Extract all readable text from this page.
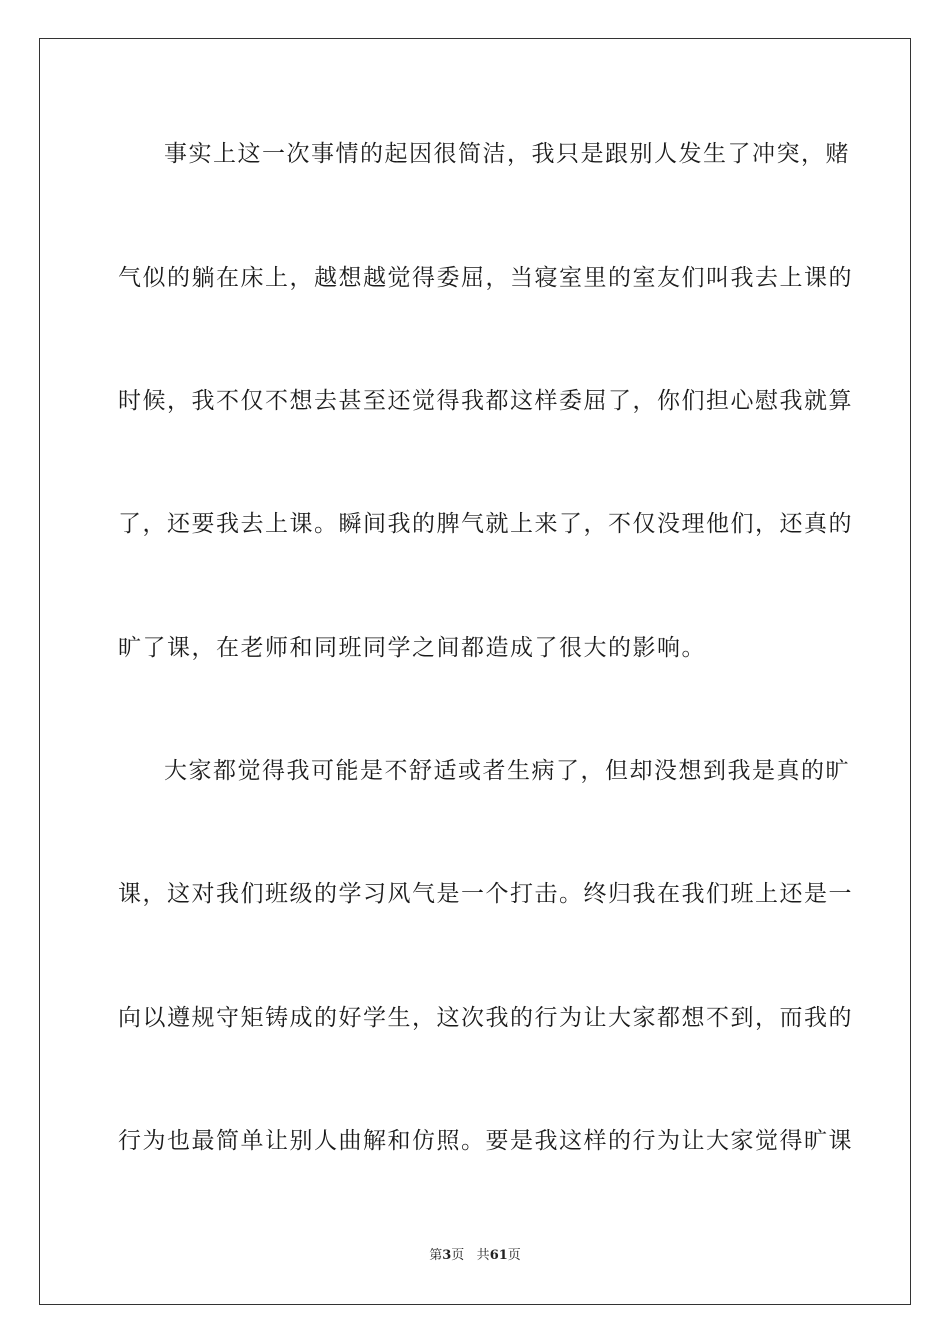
事实上这一次事情的起因很简洁，我只是跟别人发生了冲突，赌
气似的躺在床上，越想越觉得委屈，当寝室里的室友们叫我去上课的
时候，我不仅不想去甚至还觉得我都这样委屈了，你们担心慰我就算
了，还要我去上课。瞬间我的脾气就上来了，不仅没理他们，还真的
旷了课，在老师和同班同学之间都造成了很大的影响。
大家都觉得我可能是不舒适或者生病了，但却没想到我是真的旷
课，这对我们班级的学习风气是一个打击。终归我在我们班上还是一
向以遵规守矩铸成的好学生，这次我的行为让大家都想不到，而我的
行为也最简单让别人曲解和仿照。要是我这样的行为让大家觉得旷课
第3页 共61页
